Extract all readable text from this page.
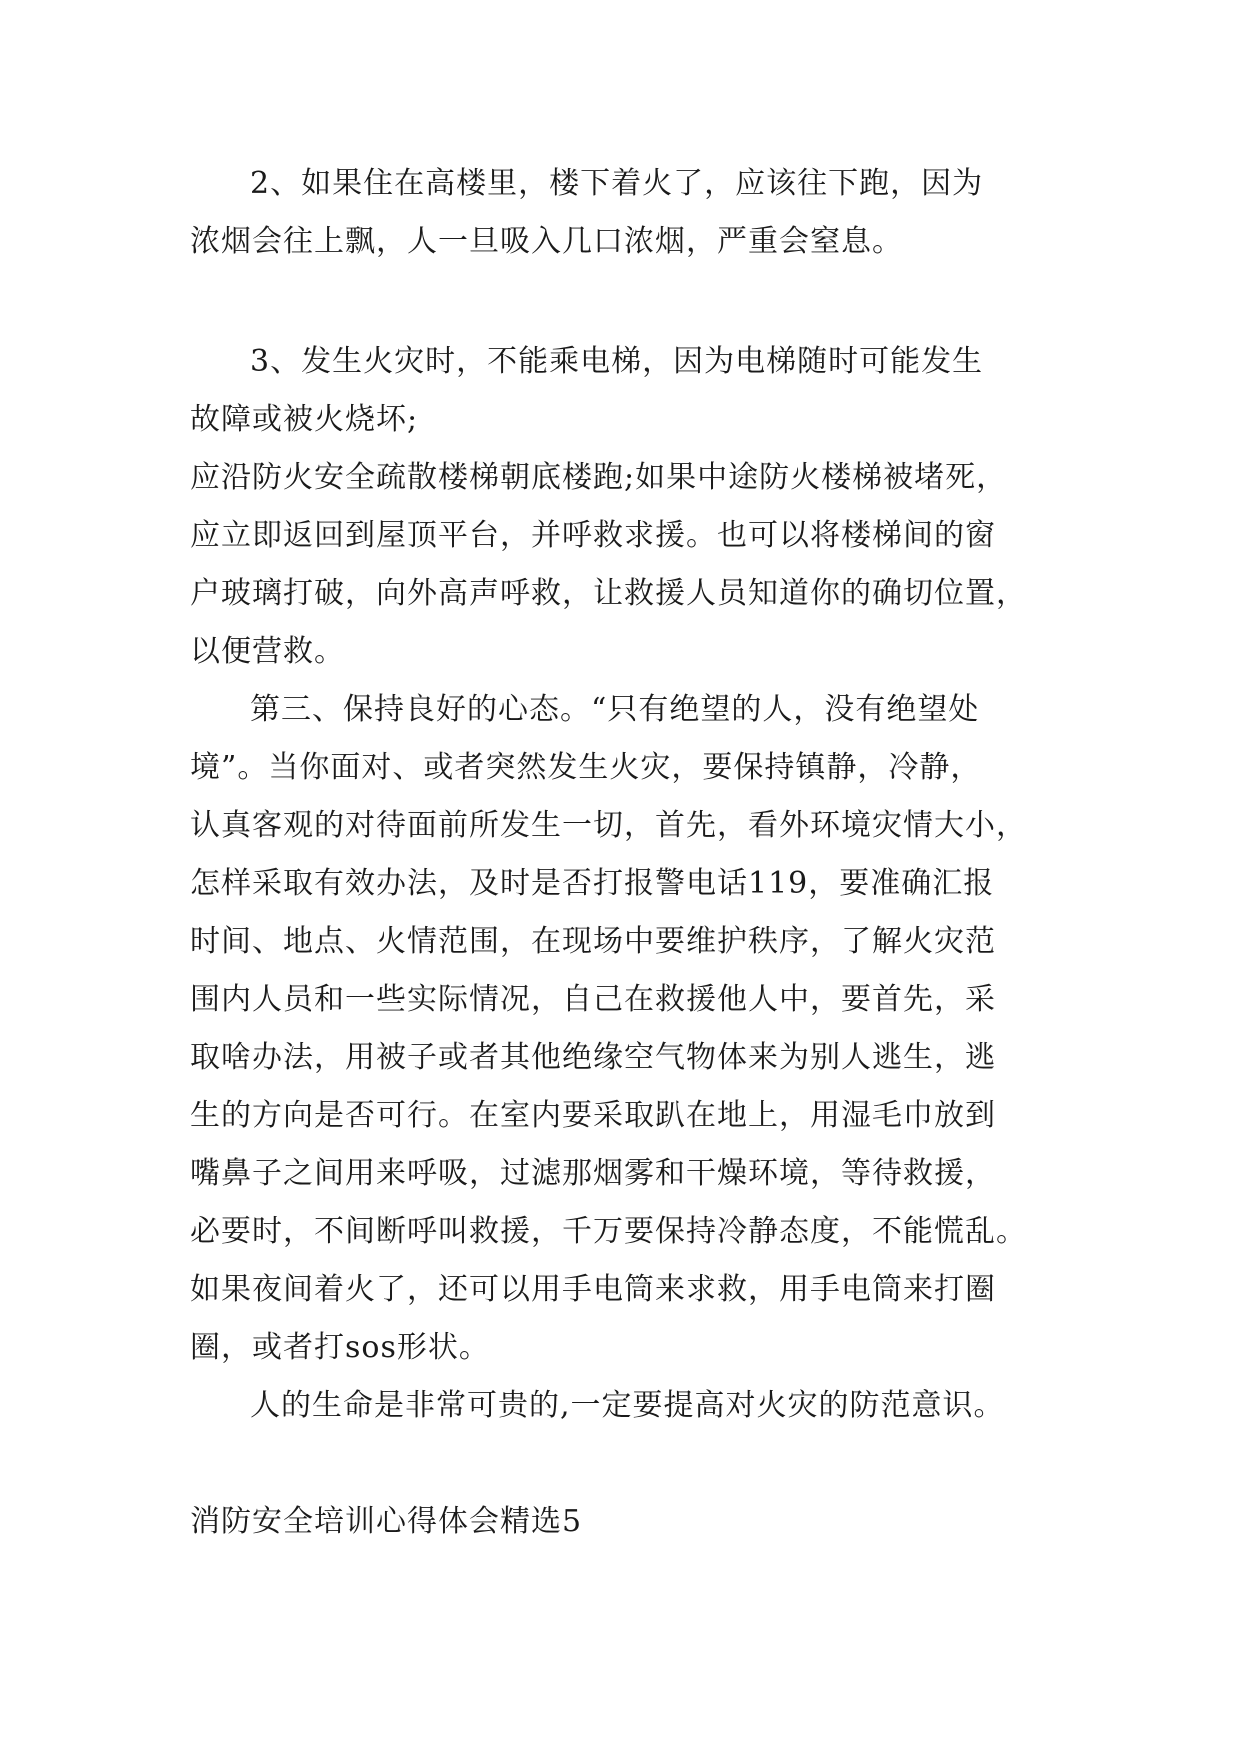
2、如果住在高楼里，楼下着火了，应该往下跑，因为
浓烟会往上飘，人一旦吸入几口浓烟，严重会窒息。
3、发生火灾时，不能乘电梯，因为电梯随时可能发生
故障或被火烧坏;
应沿防火安全疏散楼梯朝底楼跑;如果中途防火楼梯被堵死，
应立即返回到屋顶平台，并呼救求援。也可以将楼梯间的窗
户玻璃打破，向外高声呼救，让救援人员知道你的确切位置，
以便营救。
第三、保持良好的心态。“只有绝望的人，没有绝望处
境”。当你面对、或者突然发生火灾，要保持镇静，冷静，
认真客观的对待面前所发生一切，首先，看外环境灾情大小，
怎样采取有效办法，及时是否打报警电话119，要准确汇报
时间、地点、火情范围，在现场中要维护秩序，了解火灾范
围内人员和一些实际情况，自己在救援他人中，要首先，采
取啥办法，用被子或者其他绝缘空气物体来为别人逃生，逃
生的方向是否可行。在室内要采取趴在地上，用湿毛巾放到
嘴鼻子之间用来呼吸，过滤那烟雾和干燥环境，等待救援，
必要时，不间断呼叫救援，千万要保持冷静态度，不能慌乱。
如果夜间着火了，还可以用手电筒来求救，用手电筒来打圈
圈，或者打sos形状。
人的生命是非常可贵的,一定要提高对火灾的防范意识。
消防安全培训心得体会精选5
